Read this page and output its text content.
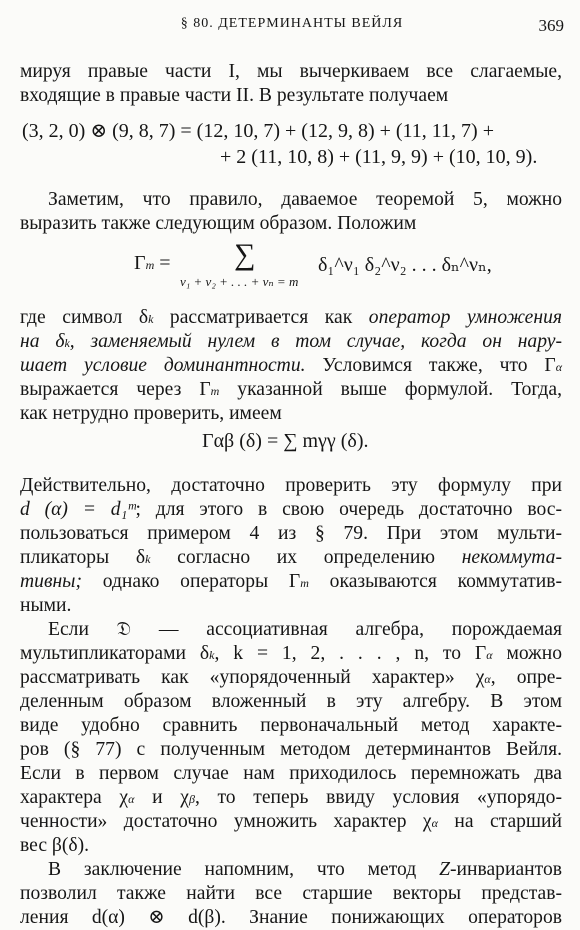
§ 80. ДЕТЕРМИНАНТЫ ВЕЙЛЯ	369
мируя правые части I, мы вычеркиваем все слагаемые,
входящие в правые части II. В результате получаем
(3, 2, 0) ⊗ (9, 8, 7) = (12, 10, 7) + (12, 9, 8) + (11, 11, 7) +
+ 2 (11, 10, 8) + (11, 9, 9) + (10, 10, 9).
Заметим, что правило, даваемое теоремой 5, можно
выразить также следующим образом. Положим
Γm = ∑
ν₁ + ν₂ + . . . + νₙ = m
δ₁^ν₁ δ₂^ν₂ . . . δₙ^νₙ,
где символ δk рассматривается как оператор умножения
на δk, заменяемый нулем в том случае, когда он нару-
шает условие доминантности. Условимся также, что Γα
выражается через Γm указанной выше формулой. Тогда,
как нетрудно проверить, имеем
Γαβ (δ) = ∑ mγγ (δ).
Действительно, достаточно проверить эту формулу при
d (α) = d₁ᵐ; для этого в свою очередь достаточно вос-
пользоваться примером 4 из § 79. При этом мульти-
пликаторы δk согласно их определению некоммута-
тивны; однако операторы Γm оказываются коммутатив-
ными.
Если 𝔇 — ассоциативная алгебра, порождаемая
мультипликаторами δk, k = 1, 2, . . . , n, то Γα можно
рассматривать как «упорядоченный характер» χα, опре-
деленным образом вложенный в эту алгебру. В этом
виде удобно сравнить первоначальный метод характе-
ров (§ 77) с полученным методом детерминантов Вейля.
Если в первом случае нам приходилось перемножать два
характера χα и χβ, то теперь ввиду условия «упорядо-
ченности» достаточно умножить характер χα на старший
вес β(δ).
В заключение напомним, что метод Z-инвариантов
позволил также найти все старшие векторы представ-
ления d(α) ⊗ d(β). Знание понижающих операторов
